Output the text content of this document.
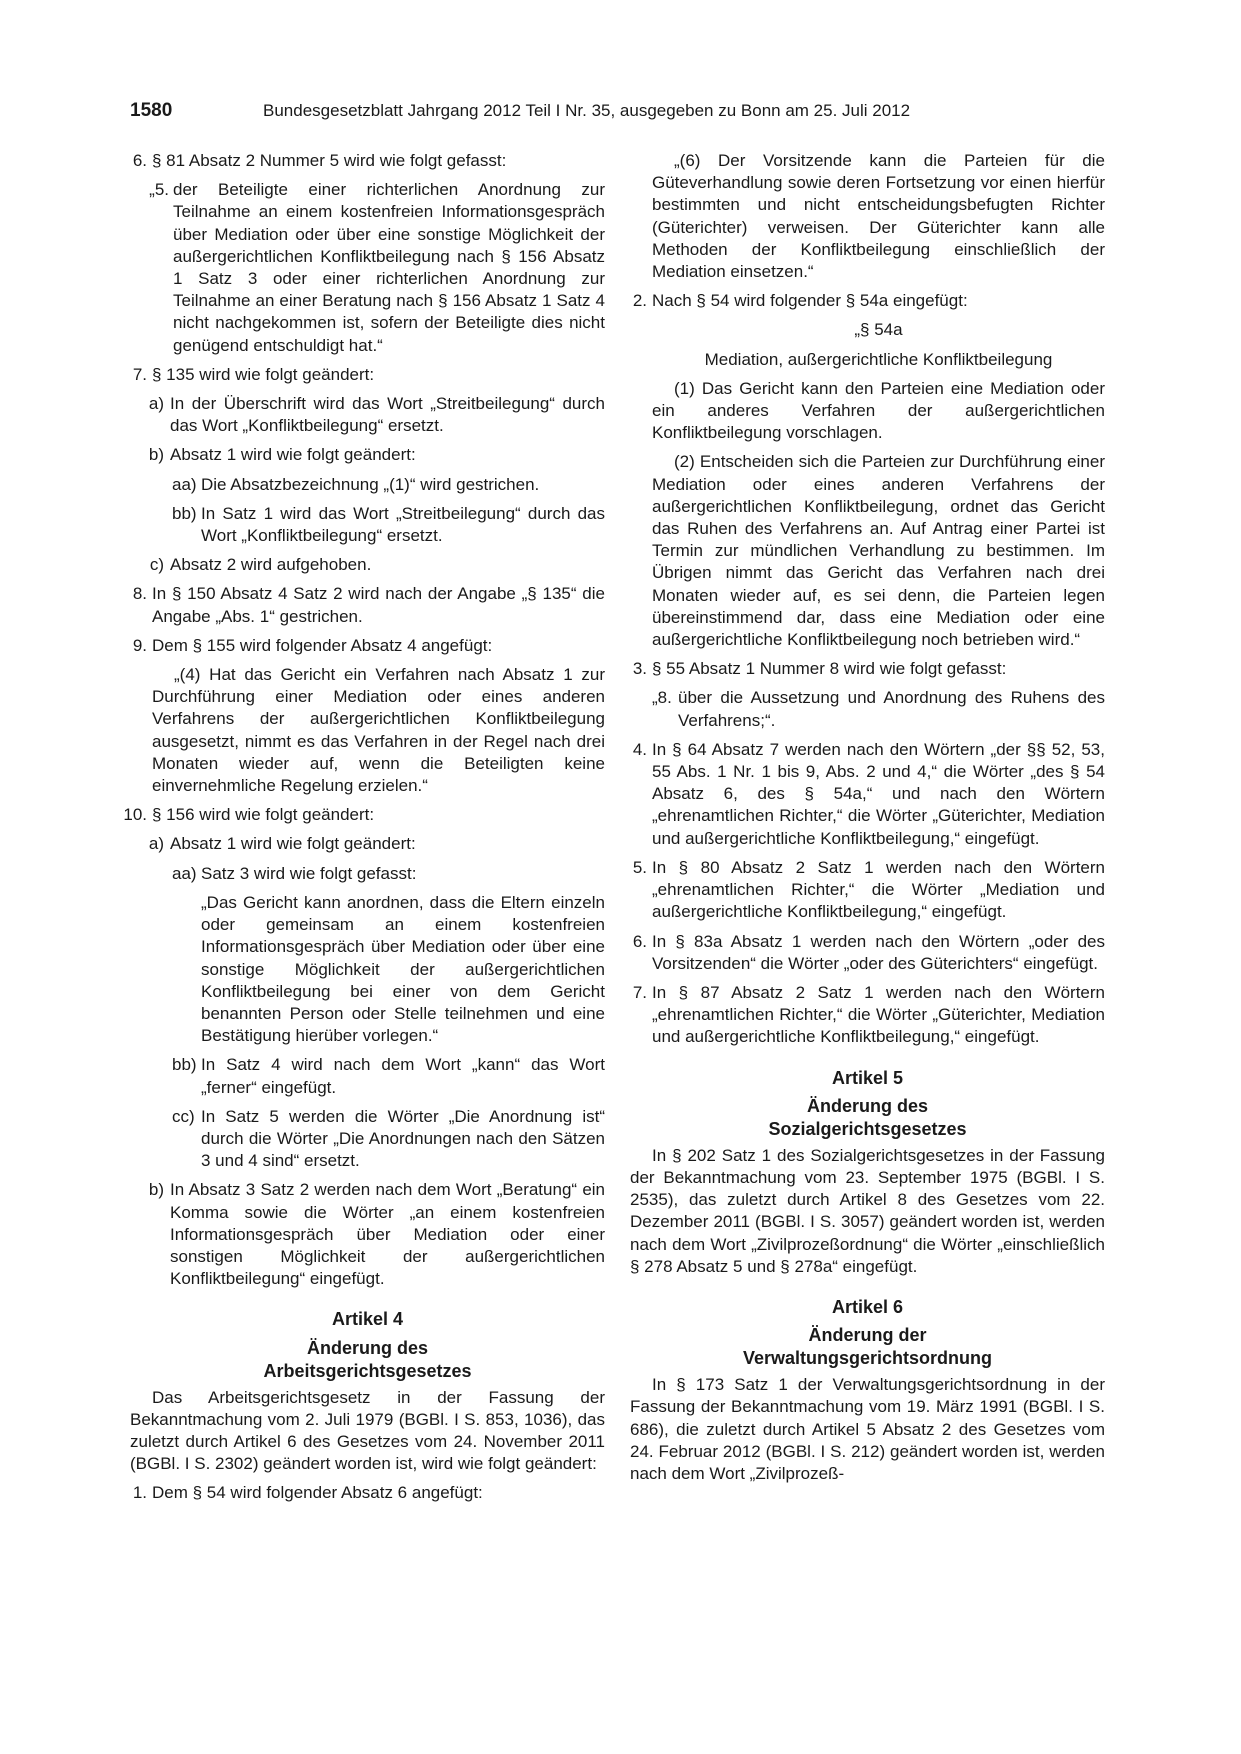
1580	Bundesgesetzblatt Jahrgang 2012 Teil I Nr. 35, ausgegeben zu Bonn am 25. Juli 2012
6. § 81 Absatz 2 Nummer 5 wird wie folgt gefasst:
„5. der Beteiligte einer richterlichen Anordnung zur Teilnahme an einem kostenfreien Informationsgespräch über Mediation oder über eine sonstige Möglichkeit der außergerichtlichen Konfliktbeilegung nach § 156 Absatz 1 Satz 3 oder einer richterlichen Anordnung zur Teilnahme an einer Beratung nach § 156 Absatz 1 Satz 4 nicht nachgekommen ist, sofern der Beteiligte dies nicht genügend entschuldigt hat.“
7. § 135 wird wie folgt geändert:
a) In der Überschrift wird das Wort „Streitbeilegung“ durch das Wort „Konfliktbeilegung“ ersetzt.
b) Absatz 1 wird wie folgt geändert:
aa) Die Absatzbezeichnung „(1)“ wird gestrichen.
bb) In Satz 1 wird das Wort „Streitbeilegung“ durch das Wort „Konfliktbeilegung“ ersetzt.
c) Absatz 2 wird aufgehoben.
8. In § 150 Absatz 4 Satz 2 wird nach der Angabe „§ 135“ die Angabe „Abs. 1“ gestrichen.
9. Dem § 155 wird folgender Absatz 4 angefügt:
„(4) Hat das Gericht ein Verfahren nach Absatz 1 zur Durchführung einer Mediation oder eines anderen Verfahrens der außergerichtlichen Konfliktbeilegung ausgesetzt, nimmt es das Verfahren in der Regel nach drei Monaten wieder auf, wenn die Beteiligten keine einvernehmliche Regelung erzielen.“
10. § 156 wird wie folgt geändert:
a) Absatz 1 wird wie folgt geändert:
aa) Satz 3 wird wie folgt gefasst:
„Das Gericht kann anordnen, dass die Eltern einzeln oder gemeinsam an einem kostenfreien Informationsgespräch über Mediation oder über eine sonstige Möglichkeit der außergerichtlichen Konfliktbeilegung bei einer von dem Gericht benannten Person oder Stelle teilnehmen und eine Bestätigung hierüber vorlegen.“
bb) In Satz 4 wird nach dem Wort „kann“ das Wort „ferner“ eingefügt.
cc) In Satz 5 werden die Wörter „Die Anordnung ist“ durch die Wörter „Die Anordnungen nach den Sätzen 3 und 4 sind“ ersetzt.
b) In Absatz 3 Satz 2 werden nach dem Wort „Beratung“ ein Komma sowie die Wörter „an einem kostenfreien Informationsgespräch über Mediation oder einer sonstigen Möglichkeit der außergerichtlichen Konfliktbeilegung“ eingefügt.
Artikel 4
Änderung des
Arbeitsgerichtsgesetzes
Das Arbeitsgerichtsgesetz in der Fassung der Bekanntmachung vom 2. Juli 1979 (BGBl. I S. 853, 1036), das zuletzt durch Artikel 6 des Gesetzes vom 24. November 2011 (BGBl. I S. 2302) geändert worden ist, wird wie folgt geändert:
1. Dem § 54 wird folgender Absatz 6 angefügt:
„(6) Der Vorsitzende kann die Parteien für die Güteverhandlung sowie deren Fortsetzung vor einen hierfür bestimmten und nicht entscheidungsbefugten Richter (Güterichter) verweisen. Der Güterichter kann alle Methoden der Konfliktbeilegung einschließlich der Mediation einsetzen.“
2. Nach § 54 wird folgender § 54a eingefügt:
„§ 54a
Mediation, außergerichtliche Konfliktbeilegung
(1) Das Gericht kann den Parteien eine Mediation oder ein anderes Verfahren der außergerichtlichen Konfliktbeilegung vorschlagen.
(2) Entscheiden sich die Parteien zur Durchführung einer Mediation oder eines anderen Verfahrens der außergerichtlichen Konfliktbeilegung, ordnet das Gericht das Ruhen des Verfahrens an. Auf Antrag einer Partei ist Termin zur mündlichen Verhandlung zu bestimmen. Im Übrigen nimmt das Gericht das Verfahren nach drei Monaten wieder auf, es sei denn, die Parteien legen übereinstimmend dar, dass eine Mediation oder eine außergerichtliche Konfliktbeilegung noch betrieben wird.“
3. § 55 Absatz 1 Nummer 8 wird wie folgt gefasst:
„8. über die Aussetzung und Anordnung des Ruhens des Verfahrens;“.
4. In § 64 Absatz 7 werden nach den Wörtern „der §§ 52, 53, 55 Abs. 1 Nr. 1 bis 9, Abs. 2 und 4,“ die Wörter „des § 54 Absatz 6, des § 54a,“ und nach den Wörtern „ehrenamtlichen Richter,“ die Wörter „Güterichter, Mediation und außergerichtliche Konfliktbeilegung,“ eingefügt.
5. In § 80 Absatz 2 Satz 1 werden nach den Wörtern „ehrenamtlichen Richter,“ die Wörter „Mediation und außergerichtliche Konfliktbeilegung,“ eingefügt.
6. In § 83a Absatz 1 werden nach den Wörtern „oder des Vorsitzenden“ die Wörter „oder des Güterichters“ eingefügt.
7. In § 87 Absatz 2 Satz 1 werden nach den Wörtern „ehrenamtlichen Richter,“ die Wörter „Güterichter, Mediation und außergerichtliche Konfliktbeilegung,“ eingefügt.
Artikel 5
Änderung des
Sozialgerichtsgesetzes
In § 202 Satz 1 des Sozialgerichtsgesetzes in der Fassung der Bekanntmachung vom 23. September 1975 (BGBl. I S. 2535), das zuletzt durch Artikel 8 des Gesetzes vom 22. Dezember 2011 (BGBl. I S. 3057) geändert worden ist, werden nach dem Wort „Zivilprozeßordnung“ die Wörter „einschließlich § 278 Absatz 5 und § 278a“ eingefügt.
Artikel 6
Änderung der
Verwaltungsgerichtsordnung
In § 173 Satz 1 der Verwaltungsgerichtsordnung in der Fassung der Bekanntmachung vom 19. März 1991 (BGBl. I S. 686), die zuletzt durch Artikel 5 Absatz 2 des Gesetzes vom 24. Februar 2012 (BGBl. I S. 212) geändert worden ist, werden nach dem Wort „Zivilprozeß-
